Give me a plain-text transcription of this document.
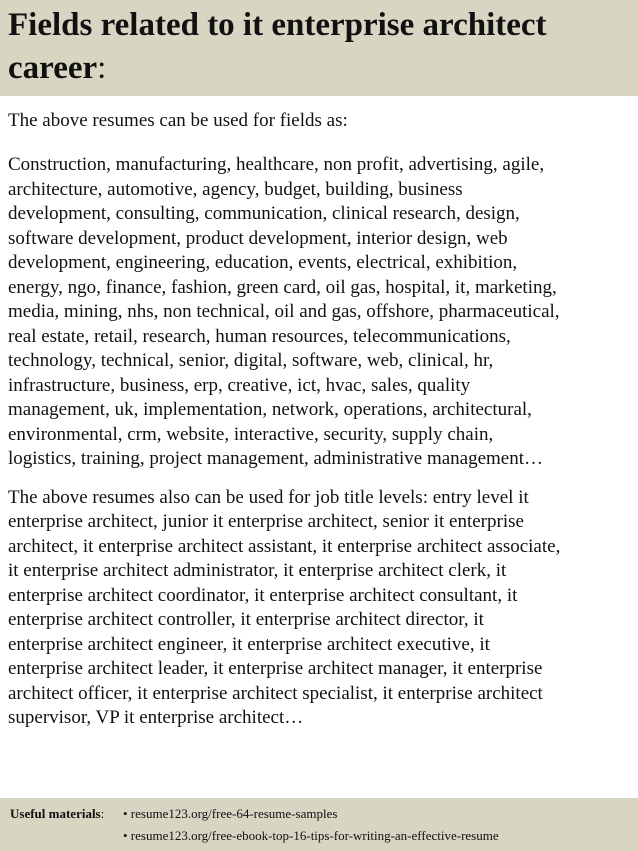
Fields related to it enterprise architect career:

The above resumes can be used for fields as:

Construction, manufacturing, healthcare, non profit, advertising, agile,
architecture, automotive, agency, budget, building, business
development, consulting, communication, clinical research, design,
software development, product development, interior design, web
development, engineering, education, events, electrical, exhibition,
energy, ngo, finance, fashion, green card, oil gas, hospital, it, marketing,
media, mining, nhs, non technical, oil and gas, offshore, pharmaceutical,
real estate, retail, research, human resources, telecommunications,
technology, technical, senior, digital, software, web, clinical, hr,
infrastructure, business, erp, creative, ict, hvac, sales, quality
management, uk, implementation, network, operations, architectural,
environmental, crm, website, interactive, security, supply chain,
logistics, training, project management, administrative management…

The above resumes also can be used for job title levels: entry level it
enterprise architect, junior it enterprise architect, senior it enterprise
architect, it enterprise architect assistant, it enterprise architect associate,
it enterprise architect administrator, it enterprise architect clerk, it
enterprise architect coordinator, it enterprise architect consultant, it
enterprise architect controller, it enterprise architect director, it
enterprise architect engineer, it enterprise architect executive, it
enterprise architect leader, it enterprise architect manager, it enterprise
architect officer, it enterprise architect specialist, it enterprise architect
supervisor, VP it enterprise architect…

Useful materials: • resume123.org/free-64-resume-samples
• resume123.org/free-ebook-top-16-tips-for-writing-an-effective-resume
